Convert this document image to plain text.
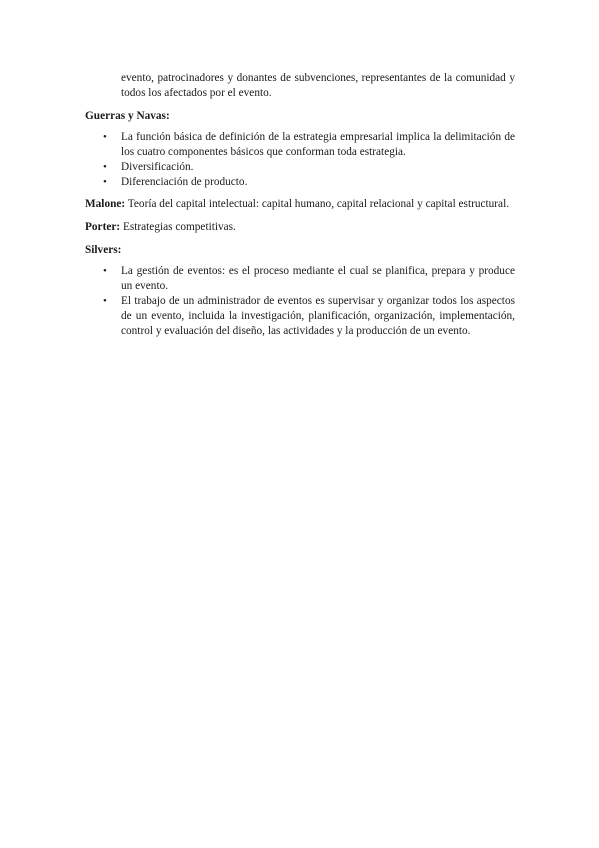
evento, patrocinadores y donantes de subvenciones, representantes de la comunidad y todos los afectados por el evento.

Guerras y Navas:

• La función básica de definición de la estrategia empresarial implica la delimitación de los cuatro componentes básicos que conforman toda estrategia.
• Diversificación.
• Diferenciación de producto.

Malone: Teoría del capital intelectual: capital humano, capital relacional y capital estructural.

Porter: Estrategias competitivas.

Silvers:

• La gestión de eventos: es el proceso mediante el cual se planifica, prepara y produce un evento.
• El trabajo de un administrador de eventos es supervisar y organizar todos los aspectos de un evento, incluida la investigación, planificación, organización, implementación, control y evaluación del diseño, las actividades y la producción de un evento.
